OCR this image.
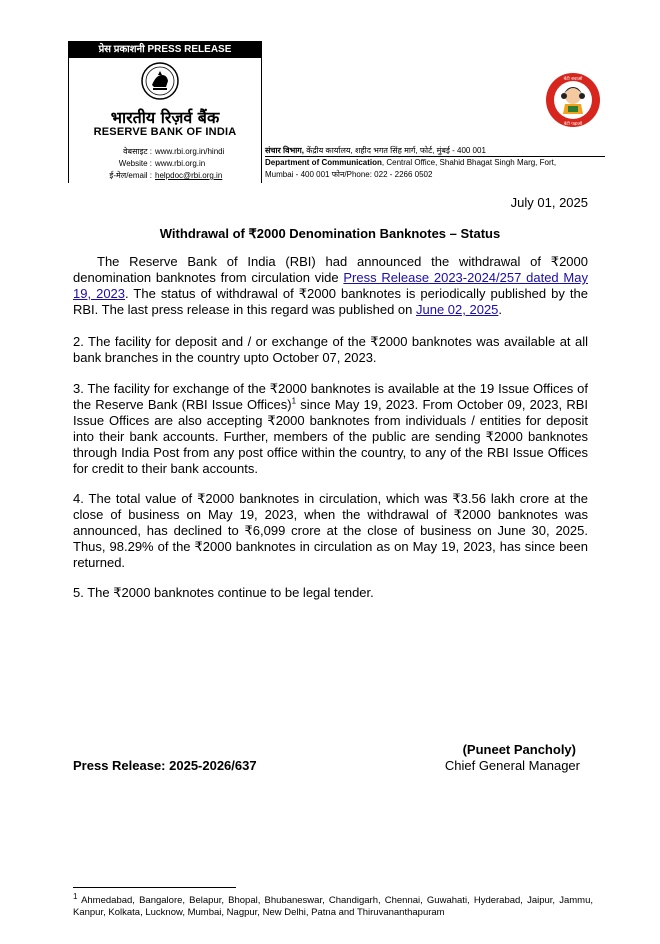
प्रेस प्रकाशनी PRESS RELEASE
भारतीय रिज़र्व बैंक
RESERVE BANK OF INDIA
वेबसाइट : www.rbi.org.in/hindi
Website : www.rbi.org.in
ई-मेल/email : helpdoc@rbi.org.in
संचार विभाग, केंद्रीय कार्यालय, शहीद भगत सिंह मार्ग, फोर्ट, मुंबई - 400 001
Department of Communication, Central Office, Shahid Bhagat Singh Marg, Fort,
Mumbai - 400 001 फोन/Phone: 022 - 2266 0502
बेटी बचाओ
बेटी पढ़ाओ
July 01, 2025
Withdrawal of ₹2000 Denomination Banknotes – Status
The Reserve Bank of India (RBI) had announced the withdrawal of ₹2000 denomination banknotes from circulation vide Press Release 2023-2024/257 dated May 19, 2023. The status of withdrawal of ₹2000 banknotes is periodically published by the RBI. The last press release in this regard was published on June 02, 2025.
2. The facility for deposit and / or exchange of the ₹2000 banknotes was available at all bank branches in the country upto October 07, 2023.
3. The facility for exchange of the ₹2000 banknotes is available at the 19 Issue Offices of the Reserve Bank (RBI Issue Offices)$^1$ since May 19, 2023. From October 09, 2023, RBI Issue Offices are also accepting ₹2000 banknotes from individuals / entities for deposit into their bank accounts. Further, members of the public are sending ₹2000 banknotes through India Post from any post office within the country, to any of the RBI Issue Offices for credit to their bank accounts.
4. The total value of ₹2000 banknotes in circulation, which was ₹3.56 lakh crore at the close of business on May 19, 2023, when the withdrawal of ₹2000 banknotes was announced, has declined to ₹6,099 crore at the close of business on June 30, 2025. Thus, 98.29% of the ₹2000 banknotes in circulation as on May 19, 2023, has since been returned.
5. The ₹2000 banknotes continue to be legal tender.
(Puneet Pancholy)
Chief General Manager
Press Release: 2025-2026/637
$^1$ Ahmedabad, Bangalore, Belapur, Bhopal, Bhubaneswar, Chandigarh, Chennai, Guwahati, Hyderabad, Jaipur, Jammu, Kanpur, Kolkata, Lucknow, Mumbai, Nagpur, New Delhi, Patna and Thiruvananthapuram
